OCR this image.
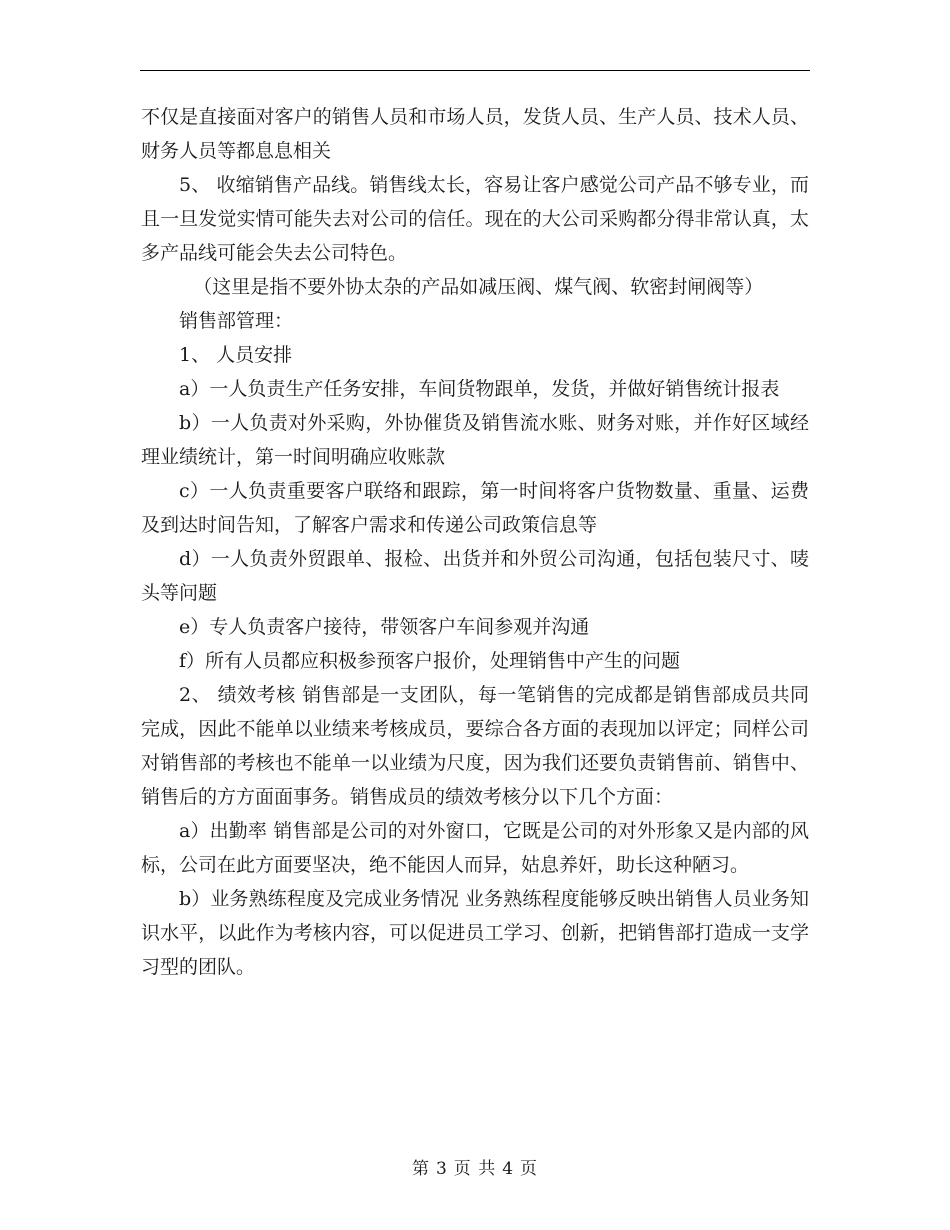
不仅是直接面对客户的销售人员和市场人员，发货人员、生产人员、技术人员、财务人员等都息息相关

5、 收缩销售产品线。销售线太长，容易让客户感觉公司产品不够专业，而且一旦发觉实情可能失去对公司的信任。现在的大公司采购都分得非常认真，太多产品线可能会失去公司特色。

（这里是指不要外协太杂的产品如减压阀、煤气阀、软密封闸阀等）

销售部管理：

1、 人员安排

a）一人负责生产任务安排，车间货物跟单，发货，并做好销售统计报表

b）一人负责对外采购，外协催货及销售流水账、财务对账，并作好区域经理业绩统计，第一时间明确应收账款

c）一人负责重要客户联络和跟踪，第一时间将客户货物数量、重量、运费及到达时间告知，了解客户需求和传递公司政策信息等

d）一人负责外贸跟单、报检、出货并和外贸公司沟通，包括包装尺寸、唛头等问题

e）专人负责客户接待，带领客户车间参观并沟通

f）所有人员都应积极参预客户报价，处理销售中产生的问题

2、 绩效考核 销售部是一支团队，每一笔销售的完成都是销售部成员共同完成，因此不能单以业绩来考核成员，要综合各方面的表现加以评定；同样公司对销售部的考核也不能单一以业绩为尺度，因为我们还要负责销售前、销售中、销售后的方方面面事务。销售成员的绩效考核分以下几个方面：

a）出勤率 销售部是公司的对外窗口，它既是公司的对外形象又是内部的风标，公司在此方面要坚决，绝不能因人而异，姑息养奸，助长这种陋习。

b）业务熟练程度及完成业务情况 业务熟练程度能够反映出销售人员业务知识水平，以此作为考核内容，可以促进员工学习、创新，把销售部打造成一支学习型的团队。

第 3 页 共 4 页
